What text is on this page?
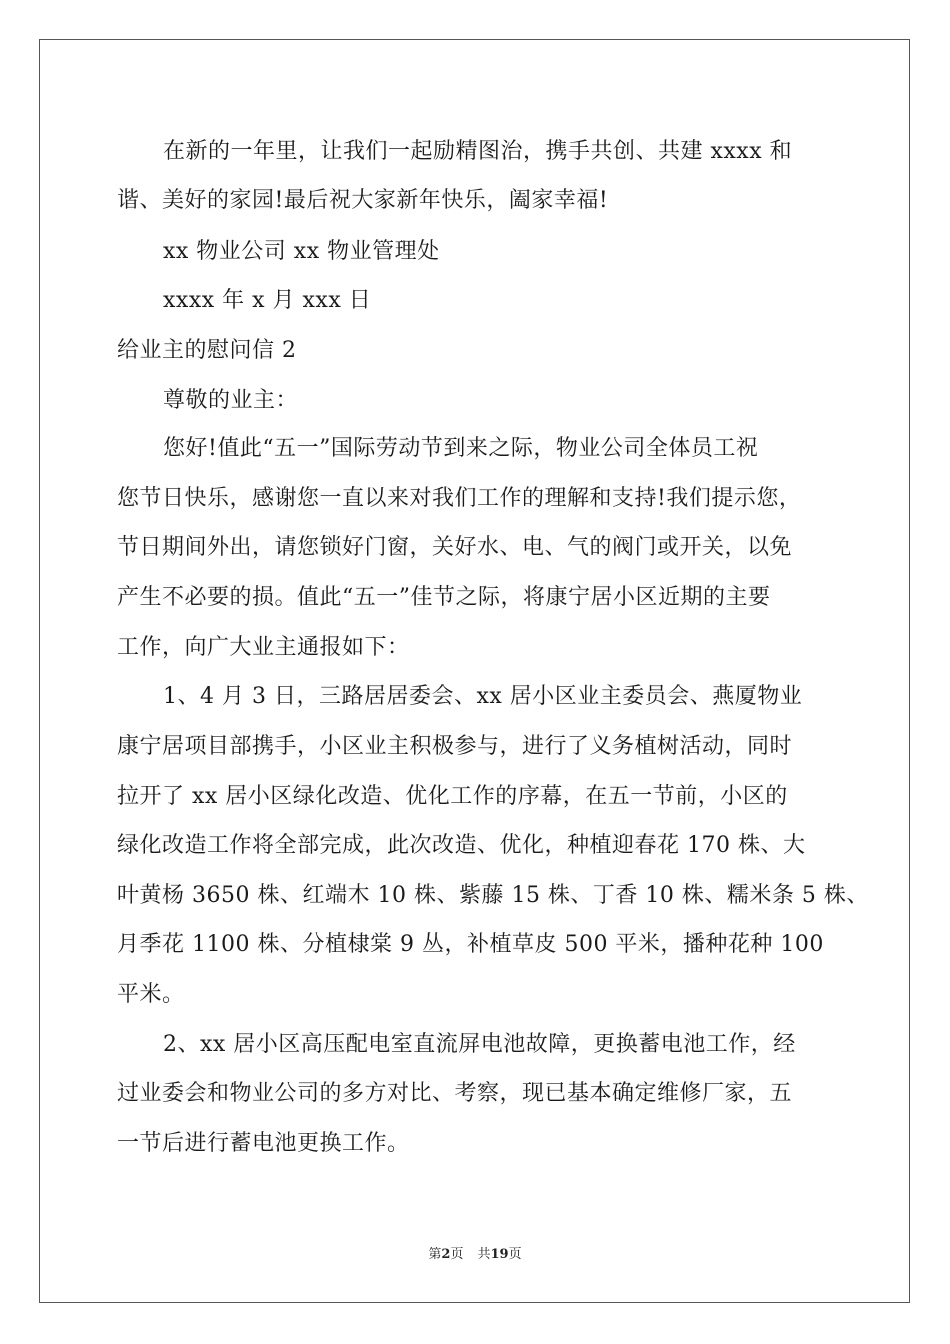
在新的一年里，让我们一起励精图治，携手共创、共建 xxxx 和
谐、美好的家园!最后祝大家新年快乐，阖家幸福!
xx 物业公司 xx 物业管理处
xxxx 年 x 月 xxx 日
给业主的慰问信 2
尊敬的业主：
您好!值此“五一”国际劳动节到来之际，物业公司全体员工祝
您节日快乐，感谢您一直以来对我们工作的理解和支持!我们提示您，
节日期间外出，请您锁好门窗，关好水、电、气的阀门或开关，以免
产生不必要的损。值此“五一”佳节之际，将康宁居小区近期的主要
工作，向广大业主通报如下：
1、4 月 3 日，三路居居委会、xx 居小区业主委员会、燕厦物业
康宁居项目部携手，小区业主积极参与，进行了义务植树活动，同时
拉开了 xx 居小区绿化改造、优化工作的序幕，在五一节前，小区的
绿化改造工作将全部完成，此次改造、优化，种植迎春花 170 株、大
叶黄杨 3650 株、红端木 10 株、紫藤 15 株、丁香 10 株、糯米条 5 株、
月季花 1100 株、分植棣棠 9 丛，补植草皮 500 平米，播种花种 100
平米。
2、xx 居小区高压配电室直流屏电池故障，更换蓄电池工作，经
过业委会和物业公司的多方对比、考察，现已基本确定维修厂家，五
一节后进行蓄电池更换工作。
第2页 共19页
